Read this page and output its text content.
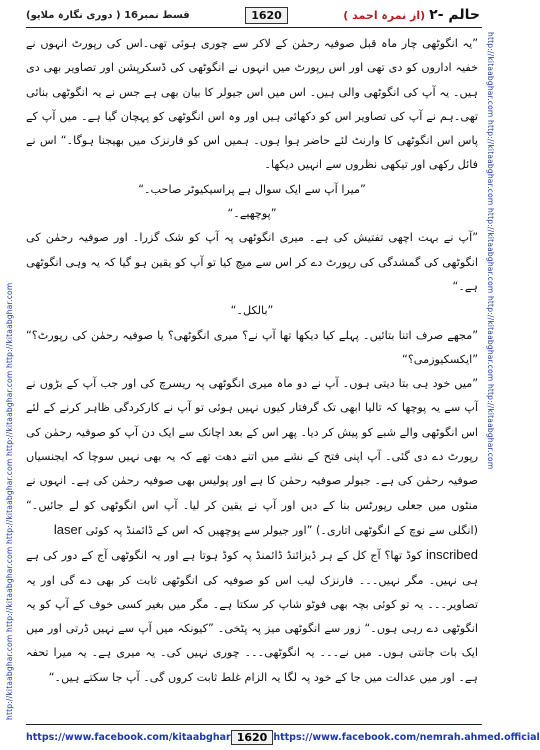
قسط نمبر16 ( دوری نگارہ ملایو)	1620	( از نمرہ احمد) حالم -٢
http://kitaabghar.com http://kitaabghar.com http://kitaabghar.com http://kitaabghar.com http://kitaabghar.com
http://kitaabghar.com http://kitaabghar.com http://kitaabghar.com http://kitaabghar.com http://kitaabghar.com

”یہ انگوٹھی چار ماہ قبل صوفیہ رحمٰن کے لاکر سے چوری ہوئی تھی۔اس کی رپورٹ انہوں نے خفیہ اداروں کو دی تھی اور اس رپورٹ میں انہوں نے انگوٹھی کی ڈسکرپشن اور تصاویر بھی دی ہیں۔ یہ آپ کی انگوٹھی والی ہیں۔ اس میں اس جیولر کا بیان بھی ہے جس نے یہ انگوٹھی بنائی تھی۔ہم نے آپ کی تصاویر اس کو دکھائی ہیں اور وہ اس انگوٹھی کو پہچان گیا ہے۔ میں آپ کے پاس اس انگوٹھی کا وارنٹ لئے حاضر ہوا ہوں۔ ہمیں اس کو فارنزک میں بھیجنا ہوگا۔“ اس نے فائل رکھی اور تیکھی نظروں سے انہیں دیکھا۔

”میرا آپ سے ایک سوال ہے پراسیکیوٹر صاحب۔“

”پوچھیے۔“

”آپ نے بہت اچھی تفتیش کی ہے۔ میری انگوٹھی پہ آپ کو شک گزرا۔ اور صوفیہ رحمٰن کی انگوٹھی کی گمشدگی کی رپورٹ دے کر اس سے میچ کیا تو آپ کو یقین ہو گیا کہ یہ وہی انگوٹھی ہے۔“

”بالکل۔“

”مجھے صرف اتنا بتائیں۔ پہلے کیا دیکھا تھا آپ نے؟ میری انگوٹھی؟ یا صوفیہ رحمٰن کی رپورٹ؟“ ”ایکسکیوزمی؟“

”میں خود ہی بتا دیتی ہوں۔ آپ نے دو ماہ میری انگوٹھی پہ ریسرچ کی اور جب آپ کے بڑوں نے آپ سے یہ پوچھا کہ تالیا ابھی تک گرفتار کیوں نہیں ہوئی تو آپ نے کارکردگی ظاہر کرنے کے لئے اس انگوٹھی والے شبے کو پیش کر دیا۔ پھر اس کے بعد اچانک سے ایک دن آپ کو صوفیہ رحمٰن کی رپورٹ دے دی گئی۔ آپ اپنی فتح کے نشے میں اتنے دھت تھے کہ یہ بھی نہیں سوچا کہ ایجنسیاں صوفیہ رحمٰن کی ہے۔ جیولر صوفیہ رحمٰن کا ہے اور پولیس بھی صوفیہ رحمٰن کی ہے۔ انہوں نے منٹوں میں جعلی رپورٹس بنا کے دیں اور آپ نے یقین کر لیا۔ آپ اس انگوٹھی کو لے جائیں۔“ (انگلی سے نوچ کے انگوٹھی اتاری۔) ”اور جیولر سے پوچھیں کہ اس کے ڈائمنڈ پہ کوئی laser

inscribed کوڈ تھا؟ آج کل کے ہر ڈیزائنڈ ڈائمنڈ پہ کوڈ ہوتا ہے اور یہ انگوٹھی آج کے دور کی ہے ہی نہیں۔ مگر نہیں۔۔۔ فارنزک لیب اس کو صوفیہ کی انگوٹھی ثابت کر بھی دے گی اور یہ تصاویر۔۔۔ یہ تو کوئی بچہ بھی فوٹو شاپ کر سکتا ہے۔ مگر میں بغیر کسی خوف کے آپ کو یہ انگوٹھی دے رہی ہوں۔“ زور سے انگوٹھی میز پہ پٹخی۔ ”کیونکہ میں آپ سے نہیں ڈرتی اور میں ایک بات جانتی ہوں۔ میں نے۔۔۔ یہ انگوٹھی۔۔۔ چوری نہیں کی۔ یہ میری ہے۔ یہ میرا تحفہ ہے۔ اور میں عدالت میں جا کے خود پہ لگا یہ الزام غلط ثابت کروں گی۔ آپ جا سکتے ہیں۔“

https://www.facebook.com/kitaabghar 1620 https://www.facebook.com/nemrah.ahmed.official
